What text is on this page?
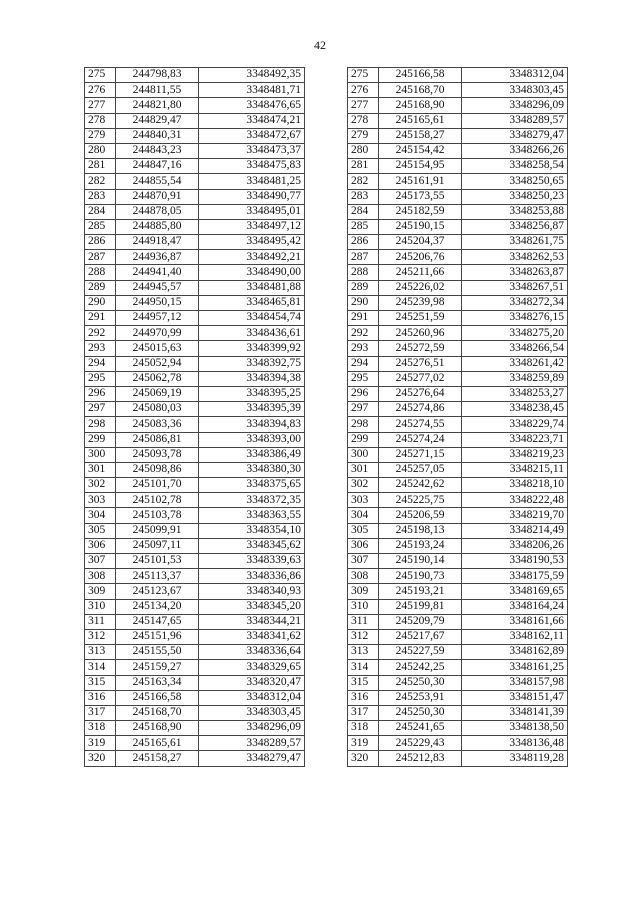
42
275	244798,83	3348492,35
276	244811,55	3348481,71
277	244821,80	3348476,65
278	244829,47	3348474,21
279	244840,31	3348472,67
280	244843,23	3348473,37
281	244847,16	3348475,83
282	244855,54	3348481,25
283	244870,91	3348490,77
284	244878,05	3348495,01
285	244885,80	3348497,12
286	244918,47	3348495,42
287	244936,87	3348492,21
288	244941,40	3348490,00
289	244945,57	3348481,88
290	244950,15	3348465,81
291	244957,12	3348454,74
292	244970,99	3348436,61
293	245015,63	3348399,92
294	245052,94	3348392,75
295	245062,78	3348394,38
296	245069,19	3348395,25
297	245080,03	3348395,39
298	245083,36	3348394,83
299	245086,81	3348393,00
300	245093,78	3348386,49
301	245098,86	3348380,30
302	245101,70	3348375,65
303	245102,78	3348372,35
304	245103,78	3348363,55
305	245099,91	3348354,10
306	245097,11	3348345,62
307	245101,53	3348339,63
308	245113,37	3348336,86
309	245123,67	3348340,93
310	245134,20	3348345,20
311	245147,65	3348344,21
312	245151,96	3348341,62
313	245155,50	3348336,64
314	245159,27	3348329,65
315	245163,34	3348320,47
316	245166,58	3348312,04
317	245168,70	3348303,45
318	245168,90	3348296,09
319	245165,61	3348289,57
320	245158,27	3348279,47
275	245166,58	3348312,04
276	245168,70	3348303,45
277	245168,90	3348296,09
278	245165,61	3348289,57
279	245158,27	3348279,47
280	245154,42	3348266,26
281	245154,95	3348258,54
282	245161,91	3348250,65
283	245173,55	3348250,23
284	245182,59	3348253,88
285	245190,15	3348256,87
286	245204,37	3348261,75
287	245206,76	3348262,53
288	245211,66	3348263,87
289	245226,02	3348267,51
290	245239,98	3348272,34
291	245251,59	3348276,15
292	245260,96	3348275,20
293	245272,59	3348266,54
294	245276,51	3348261,42
295	245277,02	3348259,89
296	245276,64	3348253,27
297	245274,86	3348238,45
298	245274,55	3348229,74
299	245274,24	3348223,71
300	245271,15	3348219,23
301	245257,05	3348215,11
302	245242,62	3348218,10
303	245225,75	3348222,48
304	245206,59	3348219,70
305	245198,13	3348214,49
306	245193,24	3348206,26
307	245190,14	3348190,53
308	245190,73	3348175,59
309	245193,21	3348169,65
310	245199,81	3348164,24
311	245209,79	3348161,66
312	245217,67	3348162,11
313	245227,59	3348162,89
314	245242,25	3348161,25
315	245250,30	3348157,98
316	245253,91	3348151,47
317	245250,30	3348141,39
318	245241,65	3348138,50
319	245229,43	3348136,48
320	245212,83	3348119,28
